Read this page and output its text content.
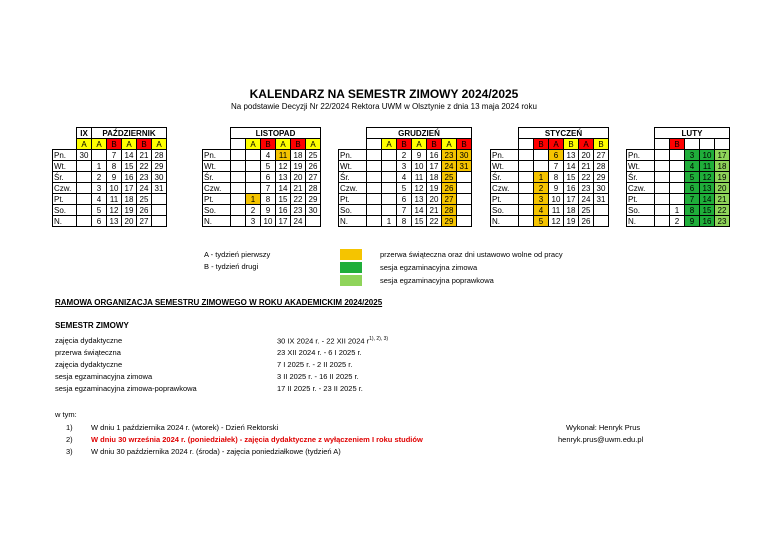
KALENDARZ NA SEMESTR ZIMOWY 2024/2025
Na podstawie Decyzji Nr 22/2024 Rektora UWM w Olsztynie z dnia 13 maja 2024 roku
	IX	PAŹDZIERNIK				
	A	A	B	A	B	A
Pn.	30		7	14	21	28
Wt.		1	8	15	22	29
Śr.		2	9	16	23	30
Czw.		3	10	17	24	31
Pt.		4	11	18	25	
So.		5	12	19	26	
N.		6	13	20	27	
	LISTOPAD					
		A	B	A	B	A
Pn.			4	11	18	25
Wt.			5	12	19	26
Śr.			6	13	20	27
Czw.			7	14	21	28
Pt.		1	8	15	22	29
So.		2	9	16	23	30
N.		3	10	17	24	
	GRUDZIEŃ						
		A	B	A	B	A	B
Pn.			2	9	16	23	30
Wt.			3	10	17	24	31
Śr.			4	11	18	25	
Czw.			5	12	19	26	
Pt.			6	13	20	27	
So.			7	14	21	28	
N.		1	8	15	22	29	
	STYCZEŃ					
		B	A	B	A	B
Pn.			6	13	20	27
Wt.			7	14	21	28
Śr.		1	8	15	22	29
Czw.		2	9	16	23	30
Pt.		3	10	17	24	31
So.		4	11	18	25	
N.		5	12	19	26	
	LUTY				
		B			
Pn.			3	10	17
Wt.			4	11	18
Śr.			5	12	19
Czw.			6	13	20
Pt.			7	14	21
So.		1	8	15	22
N.		2	9	16	23
A - tydzień pierwszy
B - tydzień drugi
przerwa świąteczna oraz dni ustawowo wolne od pracy
sesja egzaminacyjna zimowa
sesja egzaminacyjna poprawkowa
RAMOWA ORGANIZACJA SEMESTRU ZIMOWEGO W ROKU AKADEMICKIM 2024/2025
SEMESTR ZIMOWY
zajęcia dydaktyczne	30 IX 2024 r. - 22 XII 2024 $r^{1), 2), 3)}$
przerwa świąteczna	23 XII 2024 r. - 6 I 2025 r.
zajęcia dydaktyczne	7 I 2025 r. - 2 II 2025 r.
sesja egzaminacyjna zimowa	3 II 2025 r. - 16 II 2025 r.
sesja egzaminacyjna zimowa-poprawkowa	17 II 2025 r. - 23 II 2025 r.
w tym:
1) W dniu 1 października 2024 r. (wtorek) - Dzień Rektorski
2) W dniu 30 września 2024 r. (poniedziałek) - zajęcia dydaktyczne z wyłączeniem I roku studiów
3) W dniu 30 października 2024 r. (środa) - zajęcia poniedziałkowe (tydzień A)
Wykonał: Henryk Prus
henryk.prus@uwm.edu.pl
